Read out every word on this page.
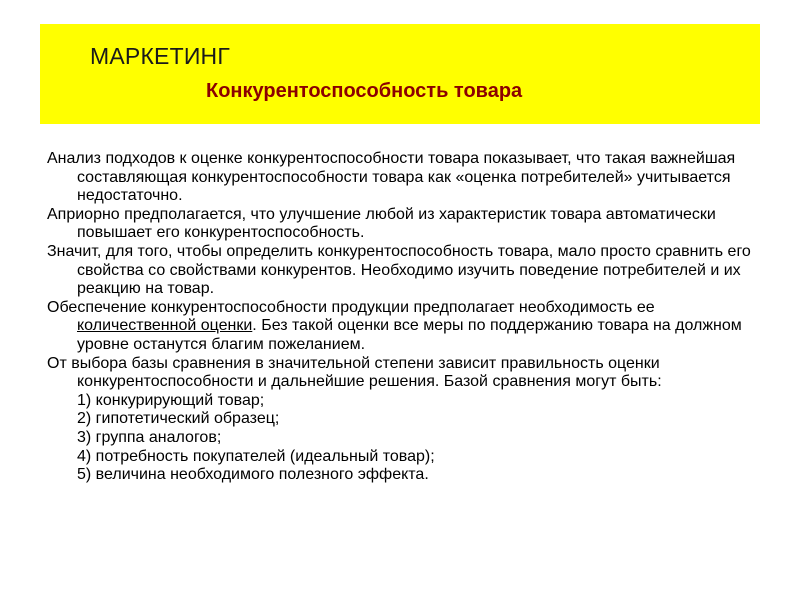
МАРКЕТИНГ
Конкурентоспособность товара

Анализ подходов к оценке конкурентоспособности товара показывает, что такая важнейшая составляющая конкурентоспособности товара как «оценка потребителей» учитывается недостаточно.

Априорно предполагается, что улучшение любой из характеристик товара автоматически повышает его конкурентоспособность.

Значит, для того, чтобы определить конкурентоспособность товара, мало просто сравнить его свойства со свойствами конкурентов. Необходимо изучить поведение потребителей и их реакцию на товар.

Обеспечение конкурентоспособности продукции предполагает необходимость ее количественной оценки. Без такой оценки все меры по поддержанию товара на должном уровне останутся благим пожеланием.

От выбора базы сравнения в значительной степени зависит правильность оценки конкурентоспособности и дальнейшие решения. Базой сравнения могут быть:

1) конкурирующий товар;

2) гипотетический образец;

3) группа аналогов;

4) потребность покупателей (идеальный товар);

5) величина необходимого полезного эффекта.
